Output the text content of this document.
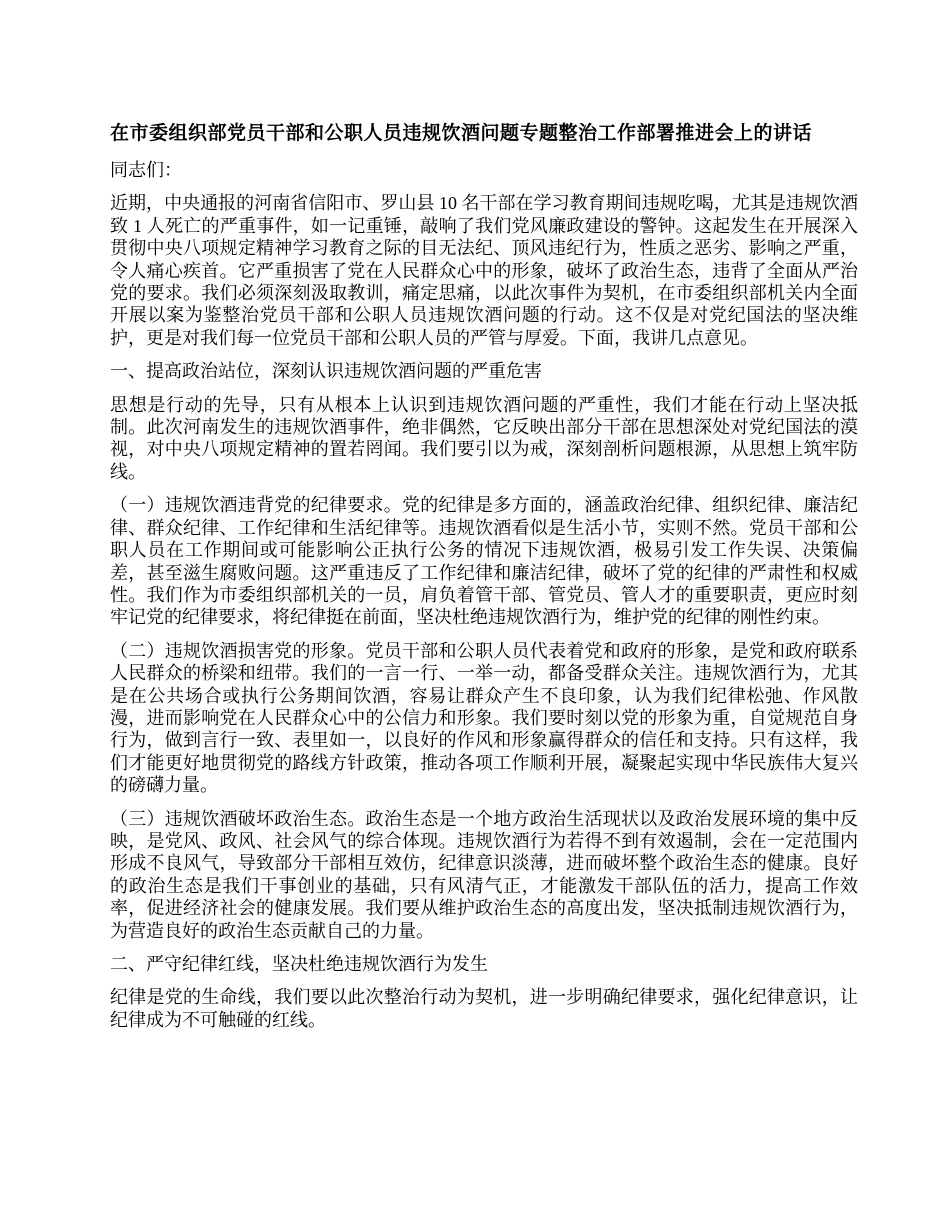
在市委组织部党员干部和公职人员违规饮酒问题专题整治工作部署推进会上的讲话

同志们：

近期，中央通报的河南省信阳市、罗山县 10 名干部在学习教育期间违规吃喝，尤其是违规饮酒致 1 人死亡的严重事件，如一记重锤，敲响了我们党风廉政建设的警钟。这起发生在开展深入贯彻中央八项规定精神学习教育之际的目无法纪、顶风违纪行为，性质之恶劣、影响之严重，令人痛心疾首。它严重损害了党在人民群众心中的形象，破坏了政治生态，违背了全面从严治党的要求。我们必须深刻汲取教训，痛定思痛，以此次事件为契机，在市委组织部机关内全面开展以案为鉴整治党员干部和公职人员违规饮酒问题的行动。这不仅是对党纪国法的坚决维护，更是对我们每一位党员干部和公职人员的严管与厚爱。下面，我讲几点意见。

一、提高政治站位，深刻认识违规饮酒问题的严重危害

思想是行动的先导，只有从根本上认识到违规饮酒问题的严重性，我们才能在行动上坚决抵制。此次河南发生的违规饮酒事件，绝非偶然，它反映出部分干部在思想深处对党纪国法的漠视，对中央八项规定精神的置若罔闻。我们要引以为戒，深刻剖析问题根源，从思想上筑牢防线。

（一）违规饮酒违背党的纪律要求。党的纪律是多方面的，涵盖政治纪律、组织纪律、廉洁纪律、群众纪律、工作纪律和生活纪律等。违规饮酒看似是生活小节，实则不然。党员干部和公职人员在工作期间或可能影响公正执行公务的情况下违规饮酒，极易引发工作失误、决策偏差，甚至滋生腐败问题。这严重违反了工作纪律和廉洁纪律，破坏了党的纪律的严肃性和权威性。我们作为市委组织部机关的一员，肩负着管干部、管党员、管人才的重要职责，更应时刻牢记党的纪律要求，将纪律挺在前面，坚决杜绝违规饮酒行为，维护党的纪律的刚性约束。

（二）违规饮酒损害党的形象。党员干部和公职人员代表着党和政府的形象，是党和政府联系人民群众的桥梁和纽带。我们的一言一行、一举一动，都备受群众关注。违规饮酒行为，尤其是在公共场合或执行公务期间饮酒，容易让群众产生不良印象，认为我们纪律松弛、作风散漫，进而影响党在人民群众心中的公信力和形象。我们要时刻以党的形象为重，自觉规范自身行为，做到言行一致、表里如一，以良好的作风和形象赢得群众的信任和支持。只有这样，我们才能更好地贯彻党的路线方针政策，推动各项工作顺利开展，凝聚起实现中华民族伟大复兴的磅礴力量。

（三）违规饮酒破坏政治生态。政治生态是一个地方政治生活现状以及政治发展环境的集中反映，是党风、政风、社会风气的综合体现。违规饮酒行为若得不到有效遏制，会在一定范围内形成不良风气，导致部分干部相互效仿，纪律意识淡薄，进而破坏整个政治生态的健康。良好的政治生态是我们干事创业的基础，只有风清气正，才能激发干部队伍的活力，提高工作效率，促进经济社会的健康发展。我们要从维护政治生态的高度出发，坚决抵制违规饮酒行为，为营造良好的政治生态贡献自己的力量。

二、严守纪律红线，坚决杜绝违规饮酒行为发生

纪律是党的生命线，我们要以此次整治行动为契机，进一步明确纪律要求，强化纪律意识，让纪律成为不可触碰的红线。
